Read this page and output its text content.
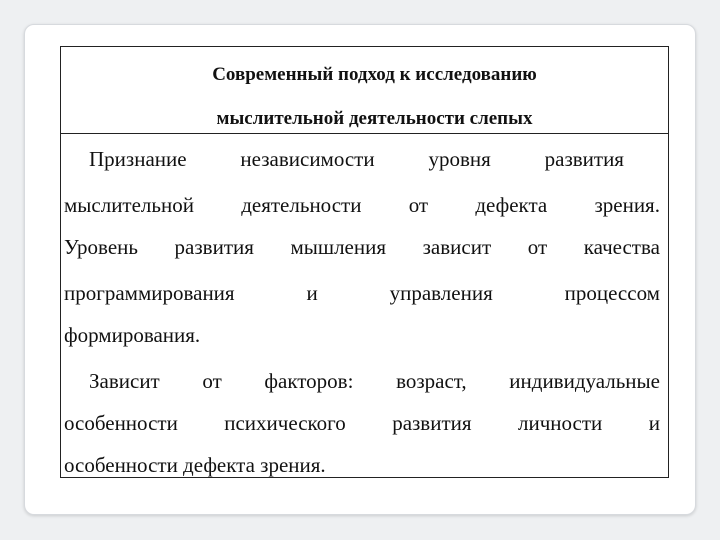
Современный подход к исследованию
мыслительной деятельности слепых
Признание	независимости	уровня	развития
мыслительной деятельности от дефекта зрения.
Уровень развития мышления зависит от качества
программирования	и	управления	процессом
формирования.
Зависит от факторов: возраст, индивидуальные
особенности психического развития личности и
особенности дефекта зрения.
